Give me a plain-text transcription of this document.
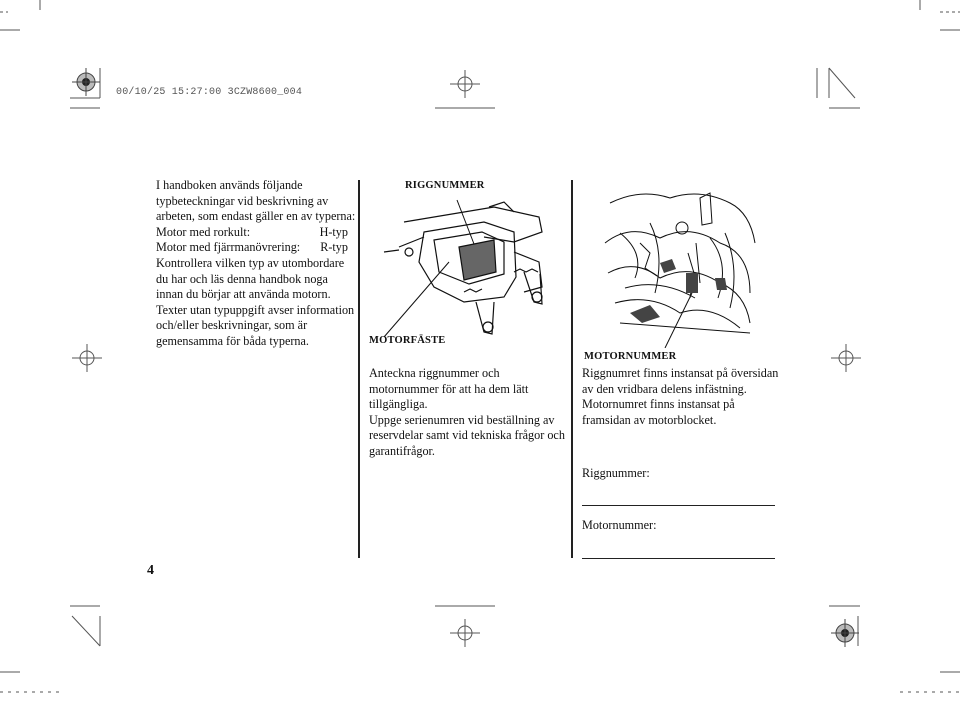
00/10/25 15:27:00 3CZW8600_004

I handboken används följande typbeteckningar vid beskrivning av arbeten, som endast gäller en av typerna:

Motor med rorkult:	H-typ
Motor med fjärrmanövrering: R-typ

Kontrollera vilken typ av utombordare du har och läs denna handbok noga innan du börjar att använda motorn.

Texter utan typuppgift avser information och/eller beskrivningar, som är gemensamma för båda typerna.

RIGGNUMMER
MOTORFÄSTE

Anteckna riggnummer och motornummer för att ha dem lätt tillgängliga.

Uppge serienumren vid beställning av reservdelar samt vid tekniska frågor och garantifrågor.

MOTORNUMMER

Riggnumret finns instansat på översidan av den vridbara delens infästning.

Motornumret finns instansat på framsidan av motorblocket.

Riggnummer:
Motornummer:
4
